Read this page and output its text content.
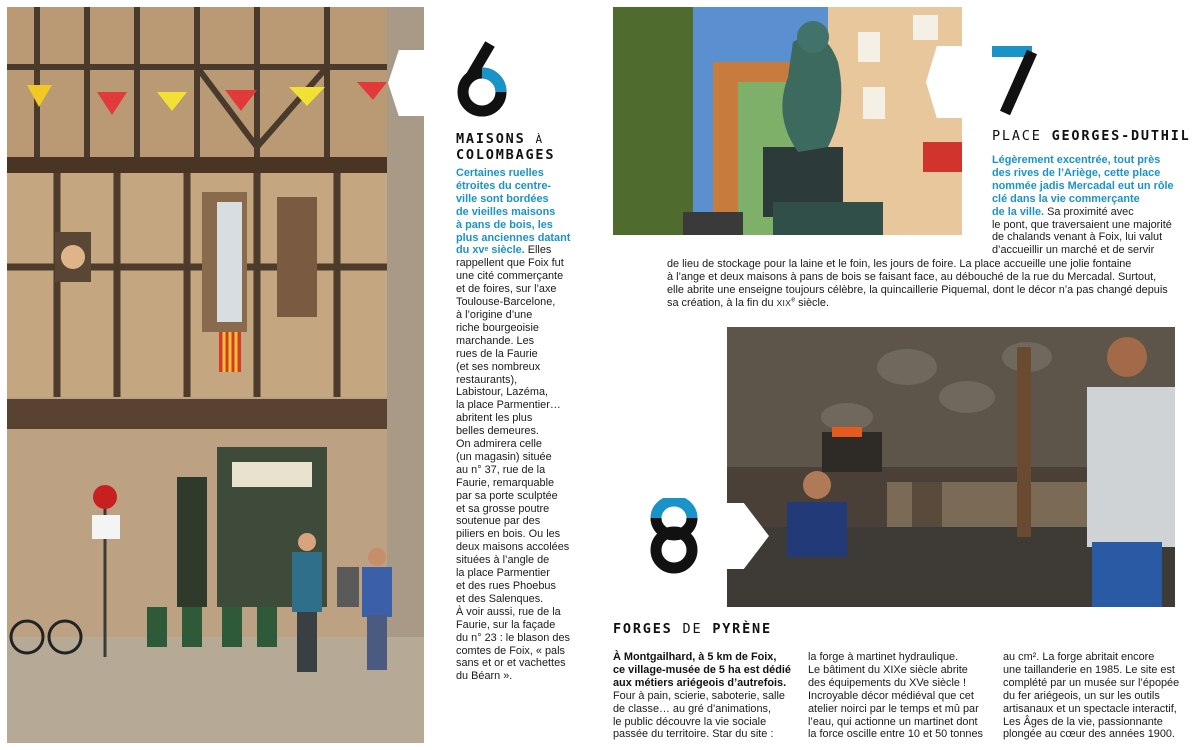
MAISONS À
COLOMBAGES
Certaines ruelles
étroites du centre-
ville sont bordées
de vieilles maisons
à pans de bois, les
plus anciennes datant
du $xv^e$ siècle. Elles
rappellent que Foix fut
une cité commerçante
et de foires, sur l’axe
Toulouse-Barcelone,
à l’origine d’une
riche bourgeoisie
marchande. Les
rues de la Faurie
(et ses nombreux
restaurants),
Labistour, Lazéma,
la place Parmentier…
abritent les plus
belles demeures.
On admirera celle
(un magasin) située
au n° 37, rue de la
Faurie, remarquable
par sa porte sculptée
et sa grosse poutre
soutenue par des
piliers en bois. Ou les
deux maisons accolées
situées à l’angle de
la place Parmentier
et des rues Phoebus
et des Salenques.
À voir aussi, rue de la
Faurie, sur la façade
du n° 23 : le blason des
comtes de Foix, « pals
sans et or et vachettes
du Béarn ».
PLACE GEORGES-DUTHIL
Légèrement excentrée, tout près
des rives de l’Ariège, cette place
nommée jadis Mercadal eut un rôle
clé dans la vie commerçante
de la ville. Sa proximité avec
le pont, que traversaient une majorité
de chalands venant à Foix, lui valut
d’accueillir un marché et de servir
de lieu de stockage pour la laine et le foin, les jours de foire. La place accueille une jolie fontaine
à l’ange et deux maisons à pans de bois se faisant face, au débouché de la rue du Mercadal. Surtout,
elle abrite une enseigne toujours célèbre, la quincaillerie Piquemal, dont le décor n’a pas changé depuis
sa création, à la fin du XIXe siècle.
FORGES DE PYRÈNE
À Montgailhard, à 5 km de Foix,
ce village-musée de 5 ha est dédié
aux métiers ariégeois d’autrefois.
Four à pain, scierie, saboterie, salle
de classe… au gré d’animations,
le public découvre la vie sociale
passée du territoire. Star du site :
la forge à martinet hydraulique.
Le bâtiment du XIXe siècle abrite
des équipements du XVe siècle !
Incroyable décor médiéval que cet
atelier noirci par le temps et mû par
l’eau, qui actionne un martinet dont
la force oscille entre 10 et 50 tonnes
au cm². La forge abritait encore
une taillanderie en 1985. Le site est
complété par un musée sur l’épopée
du fer ariégeois, un sur les outils
artisanaux et un spectacle interactif,
Les Âges de la vie, passionnante
plongée au cœur des années 1900.
